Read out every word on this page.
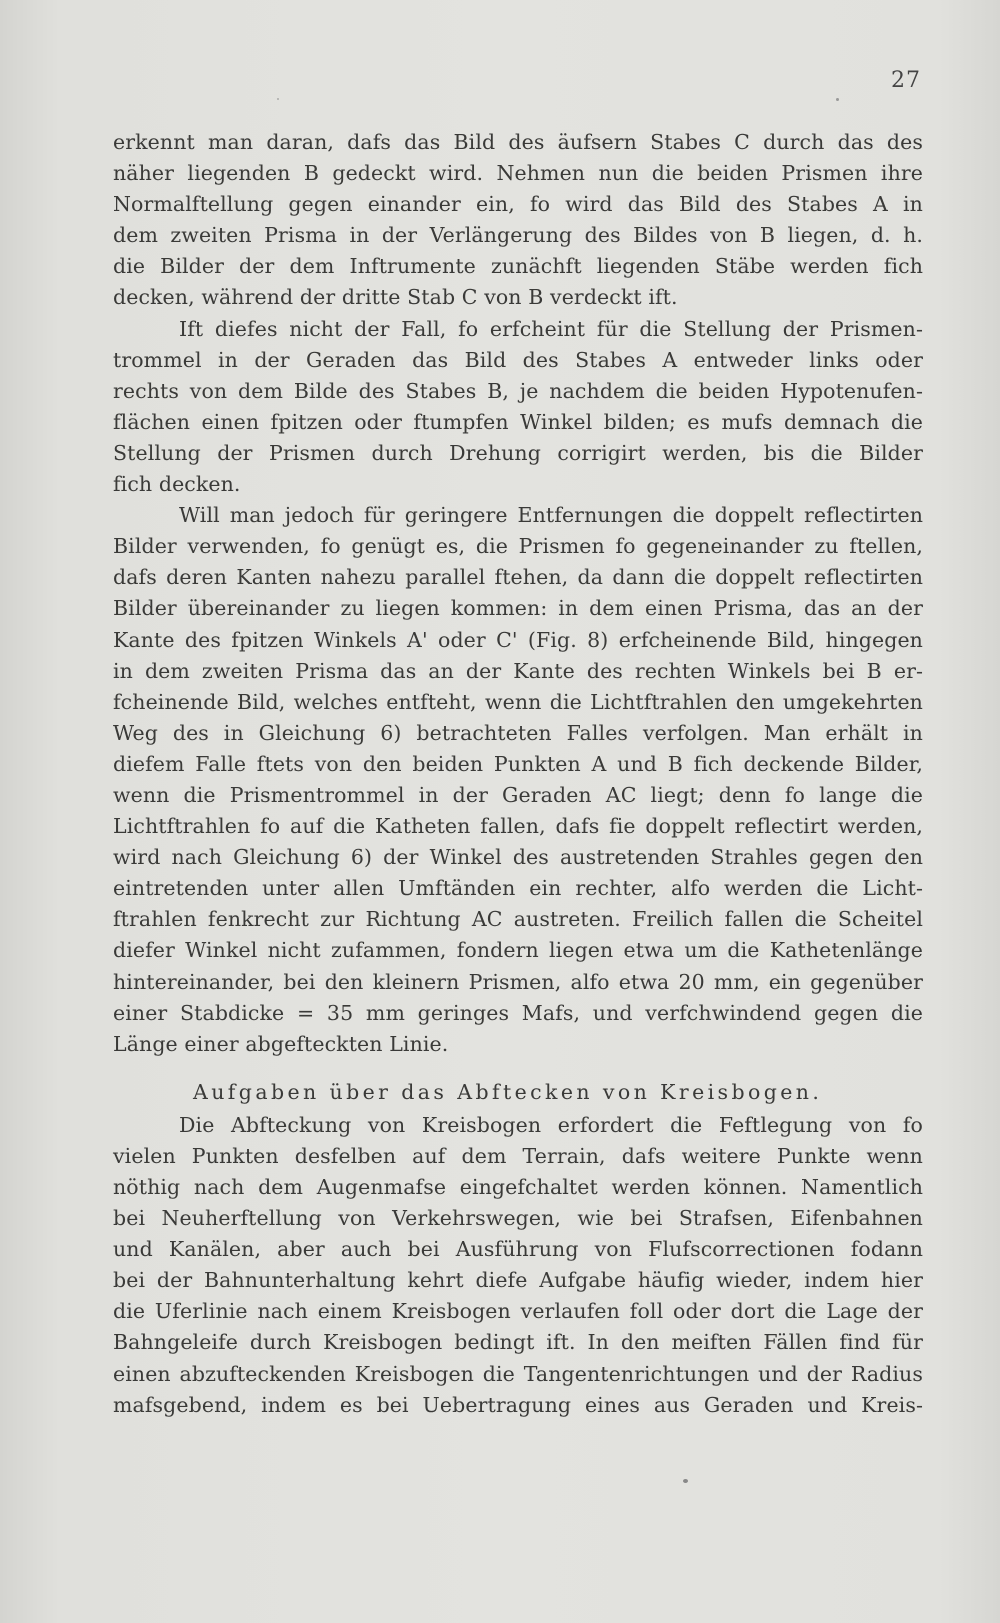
27
erkennt man daran, dafs das Bild des äufsern Stabes C durch das des
näher liegenden B gedeckt wird. Nehmen nun die beiden Prismen ihre
Normalftellung gegen einander ein, fo wird das Bild des Stabes A in
dem zweiten Prisma in der Verlängerung des Bildes von B liegen, d. h.
die Bilder der dem Inftrumente zunächft liegenden Stäbe werden fich
decken, während der dritte Stab C von B verdeckt ift.
Ift diefes nicht der Fall, fo erfcheint für die Stellung der Prismen-
trommel in der Geraden das Bild des Stabes A entweder links oder
rechts von dem Bilde des Stabes B, je nachdem die beiden Hypotenufen-
flächen einen fpitzen oder ftumpfen Winkel bilden; es mufs demnach die
Stellung der Prismen durch Drehung corrigirt werden, bis die Bilder
fich decken.
Will man jedoch für geringere Entfernungen die doppelt reflectirten
Bilder verwenden, fo genügt es, die Prismen fo gegeneinander zu ftellen,
dafs deren Kanten nahezu parallel ftehen, da dann die doppelt reflectirten
Bilder übereinander zu liegen kommen: in dem einen Prisma, das an der
Kante des fpitzen Winkels A' oder C' (Fig. 8) erfcheinende Bild, hingegen
in dem zweiten Prisma das an der Kante des rechten Winkels bei B er-
fcheinende Bild, welches entfteht, wenn die Lichtftrahlen den umgekehrten
Weg des in Gleichung 6) betrachteten Falles verfolgen. Man erhält in
diefem Falle ftets von den beiden Punkten A und B fich deckende Bilder,
wenn die Prismentrommel in der Geraden AC liegt; denn fo lange die
Lichtftrahlen fo auf die Katheten fallen, dafs fie doppelt reflectirt werden,
wird nach Gleichung 6) der Winkel des austretenden Strahles gegen den
eintretenden unter allen Umftänden ein rechter, alfo werden die Licht-
ftrahlen fenkrecht zur Richtung AC austreten. Freilich fallen die Scheitel
diefer Winkel nicht zufammen, fondern liegen etwa um die Kathetenlänge
hintereinander, bei den kleinern Prismen, alfo etwa 20 mm, ein gegenüber
einer Stabdicke = 35 mm geringes Mafs, und verfchwindend gegen die
Länge einer abgefteckten Linie.
Aufgaben über das Abftecken von Kreisbogen.
Die Abfteckung von Kreisbogen erfordert die Feftlegung von fo
vielen Punkten desfelben auf dem Terrain, dafs weitere Punkte wenn
nöthig nach dem Augenmafse eingefchaltet werden können. Namentlich
bei Neuherftellung von Verkehrswegen, wie bei Strafsen, Eifenbahnen
und Kanälen, aber auch bei Ausführung von Flufscorrectionen fodann
bei der Bahnunterhaltung kehrt diefe Aufgabe häufig wieder, indem hier
die Uferlinie nach einem Kreisbogen verlaufen foll oder dort die Lage der
Bahngeleife durch Kreisbogen bedingt ift. In den meiften Fällen find für
einen abzufteckenden Kreisbogen die Tangentenrichtungen und der Radius
mafsgebend, indem es bei Uebertragung eines aus Geraden und Kreis-
